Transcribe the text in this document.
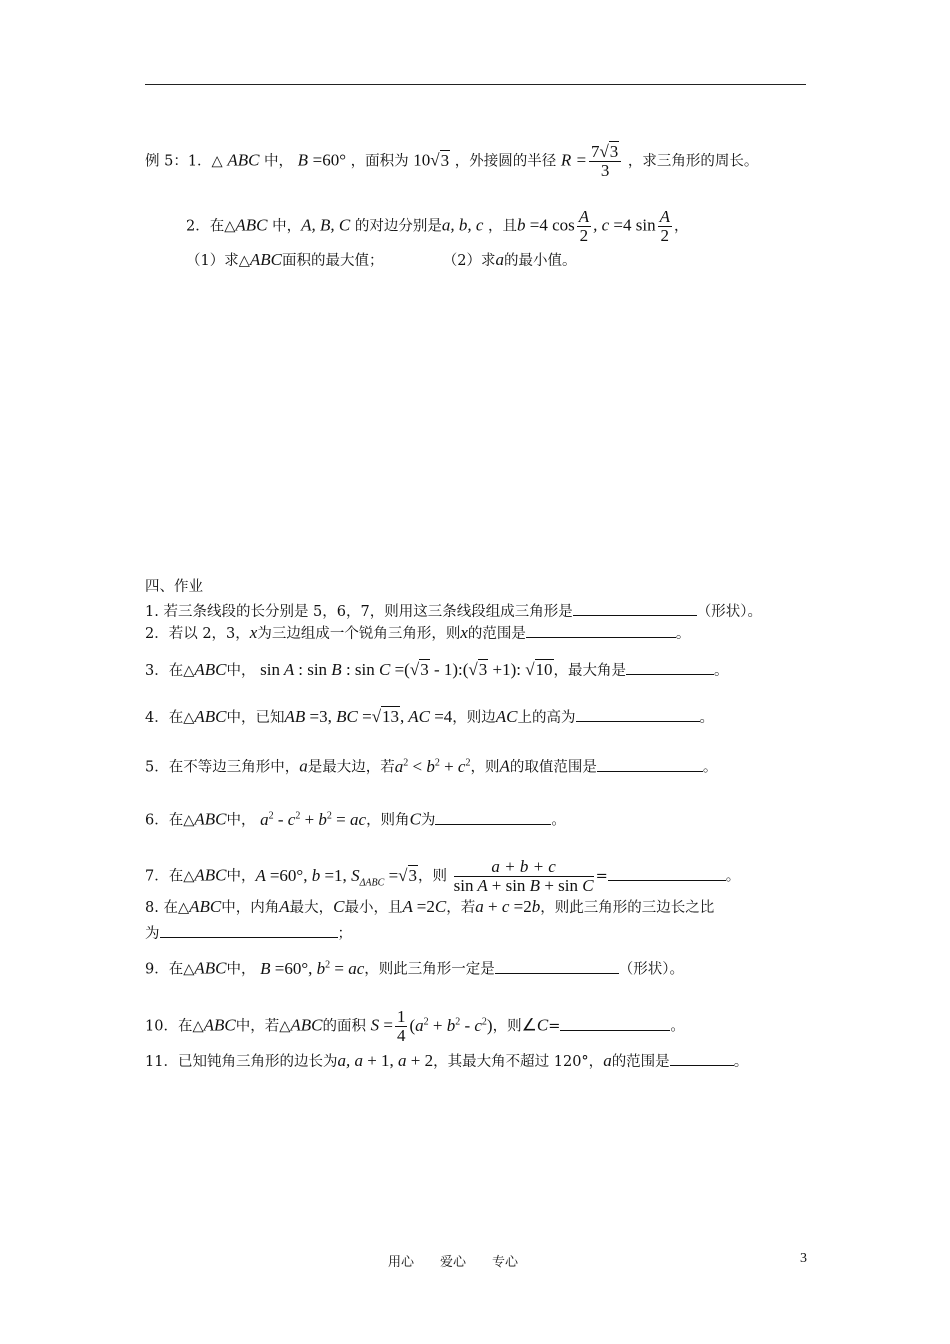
例 5：1．△ ABC 中， B =60° ，面积为 10√3 ，外接圆的半径 $R = \frac{7√3}{3}$ ，求三角形的周长。
2．在△ABC 中，A, B, C 的对边分别是a, b, c ，且b =4 $\cos \frac{A}{2}$ , c =4 $\sin \frac{A}{2}$ ，
（1）求△ABC面积的最大值；	（2）求a的最小值。
四、作业
1. 若三条线段的长分别是 5，6，7，则用这三条线段组成三角形是	（形状）。
2．若以 2，3，x为三边组成一个锐角三角形，则x的范围是	。
3．在△ABC中， sin A : sin B : sin C =(√3 - 1):(√3 +1): √10，最大角是	。
4．在△ABC中，已知AB =3, BC =√13, AC =4，则边AC上的高为	。
5．在不等边三角形中，a是最大边，若$a^2 < b^2 + c^2$，则A的取值范围是	。
6．在△ABC中， $a^2 - c^2 + b^2$ = ac，则角C为	。
7．在△ABC中，A =60°, b =1, $S_{\Delta ABC} =√3$，则 $\frac{a + b + c}{\text{sin A + sin B + sin C}}$ =	。
8. 在△ABC中，内角A最大，C最小，且A =2C，若a + c =2b，则此三角形的三边长之比
为	；
9．在△ABC中， B =60°, $b^2$ = ac，则此三角形一定是	（形状）。
10．在△ABC中，若△ABC的面积 $S = \frac{1}{4} (a^2 + b^2 - c^2)$，则∠C=	。
11．已知钝角三角形的边长为a, a + 1, a + 2，其最大角不超过 120°，a的范围是	。
用心　　爱心　　专心	3
